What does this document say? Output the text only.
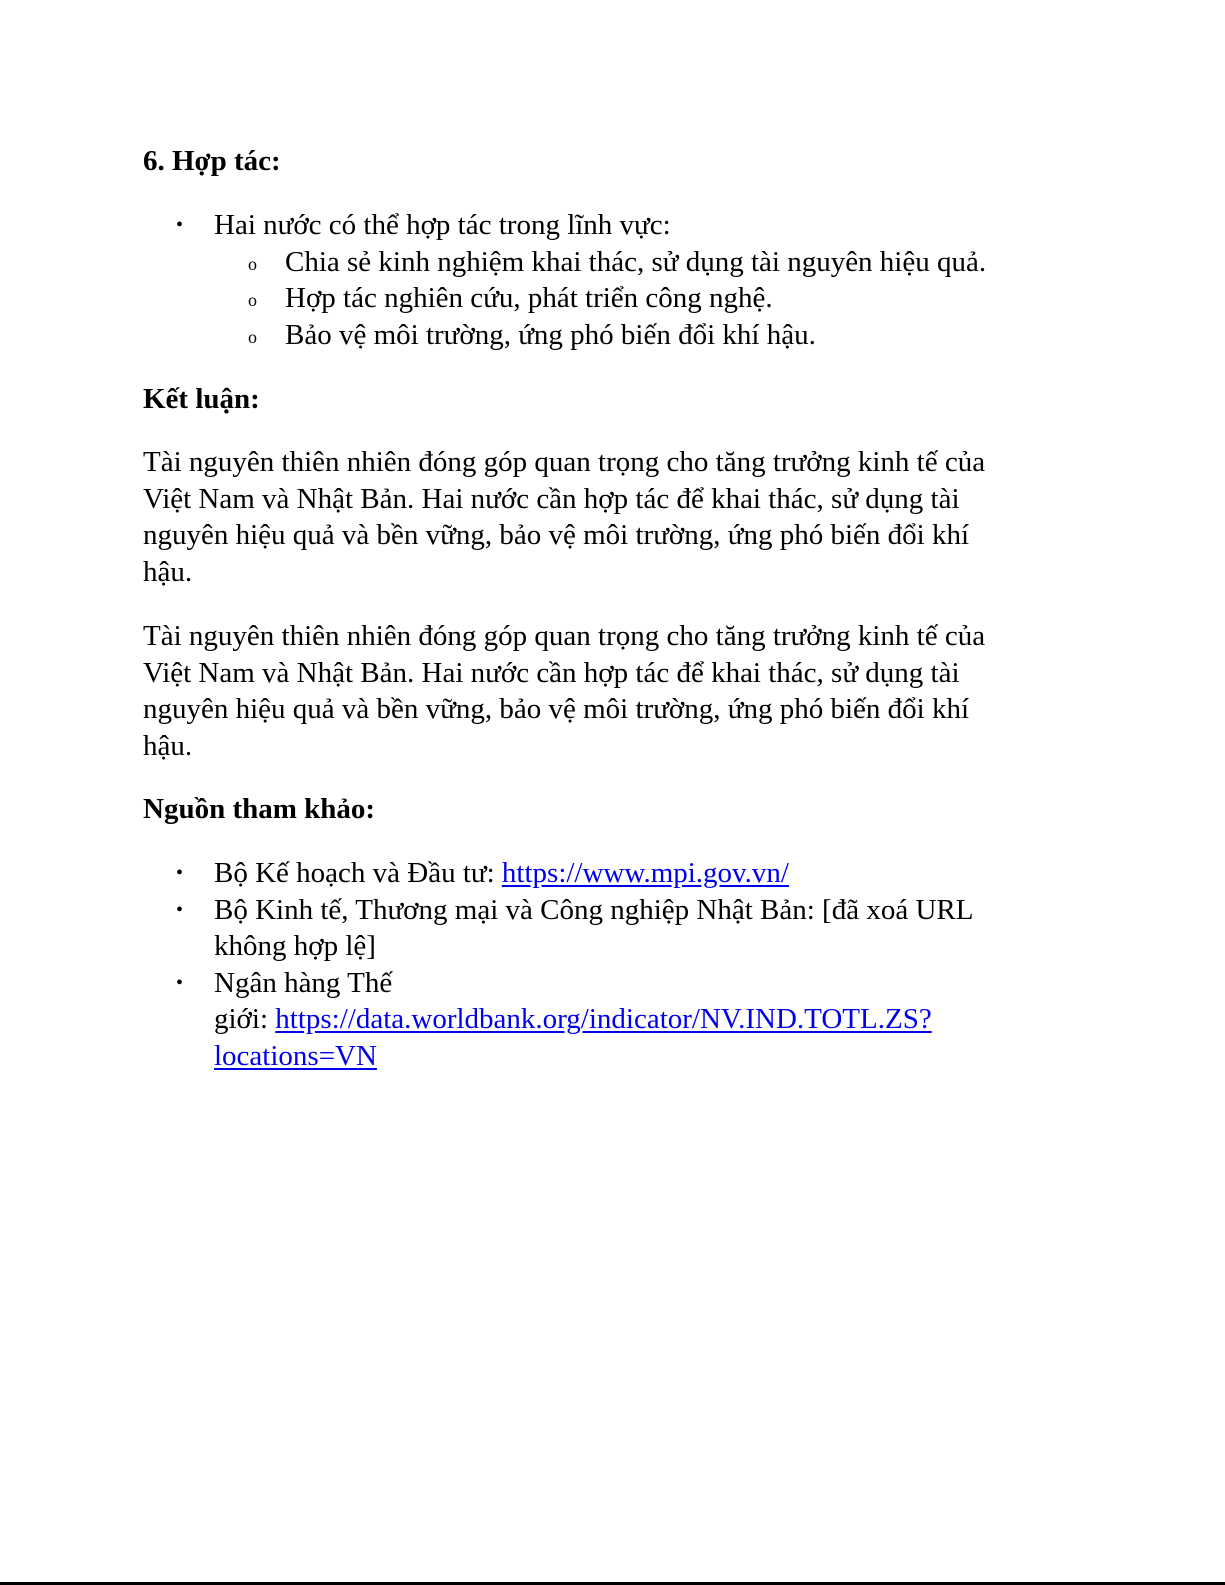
6. Hợp tác:
• Hai nước có thể hợp tác trong lĩnh vực:
o Chia sẻ kinh nghiệm khai thác, sử dụng tài nguyên hiệu quả.
o Hợp tác nghiên cứu, phát triển công nghệ.
o Bảo vệ môi trường, ứng phó biến đổi khí hậu.
Kết luận:

Tài nguyên thiên nhiên đóng góp quan trọng cho tăng trưởng kinh tế của
Việt Nam và Nhật Bản. Hai nước cần hợp tác để khai thác, sử dụng tài
nguyên hiệu quả và bền vững, bảo vệ môi trường, ứng phó biến đổi khí
hậu.

Tài nguyên thiên nhiên đóng góp quan trọng cho tăng trưởng kinh tế của
Việt Nam và Nhật Bản. Hai nước cần hợp tác để khai thác, sử dụng tài
nguyên hiệu quả và bền vững, bảo vệ môi trường, ứng phó biến đổi khí
hậu.

Nguồn tham khảo:
• Bộ Kế hoạch và Đầu tư: https://www.mpi.gov.vn/
• Bộ Kinh tế, Thương mại và Công nghiệp Nhật Bản: [đã xoá URL
không hợp lệ]
• Ngân hàng Thế
giới: https://data.worldbank.org/indicator/NV.IND.TOTL.ZS?
locations=VN
